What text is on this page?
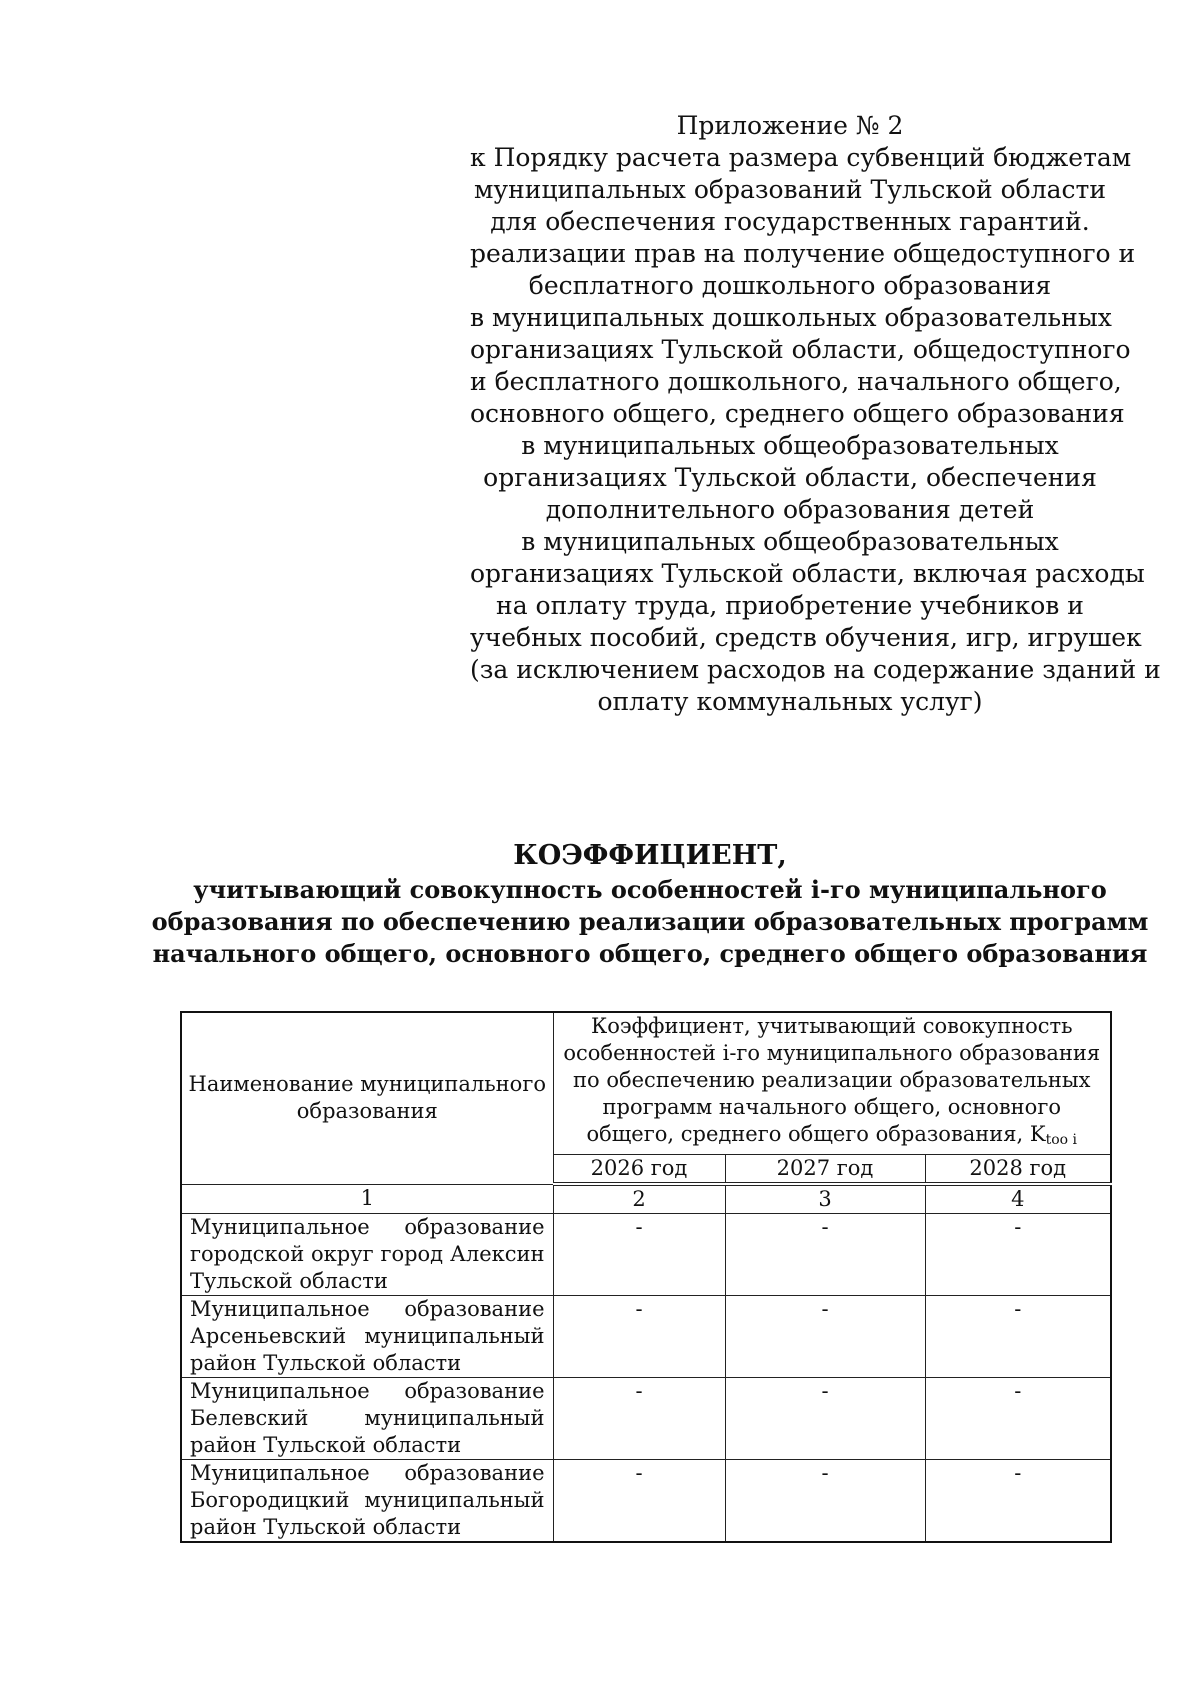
Приложение № 2
к Порядку расчета размера субвенций бюджетам
муниципальных образований Тульской области
для обеспечения государственных гарантий.
реализации прав на получение общедоступного и
бесплатного дошкольного образования
в муниципальных дошкольных образовательных
организациях Тульской области, общедоступного
и бесплатного дошкольного, начального общего,
основного общего, среднего общего образования
в муниципальных общеобразовательных
организациях Тульской области, обеспечения
дополнительного образования детей
в муниципальных общеобразовательных
организациях Тульской области, включая расходы
на оплату труда, приобретение учебников и
учебных пособий, средств обучения, игр, игрушек
(за исключением расходов на содержание зданий и
оплату коммунальных услуг)
КОЭФФИЦИЕНТ,
учитывающий совокупность особенностей i-го муниципального
образования по обеспечению реализации образовательных программ
начального общего, основного общего, среднего общего образования
Наименование муниципального образования	Коэффициент, учитывающий совокупность особенностей i-го муниципального образования по обеспечению реализации образовательных программ начального общего, основного общего, среднего общего образования, $K_{too i}$
	2026 год	2027 год	2028 год
1	2	3	4
Муниципальное образование городской округ город Алексин Тульской области	-	-	-
Муниципальное образование Арсеньевский муниципальный район Тульской области	-	-	-
Муниципальное образование Белевский муниципальный район Тульской области	-	-	-
Муниципальное образование Богородицкий муниципальный район Тульской области	-	-	-
